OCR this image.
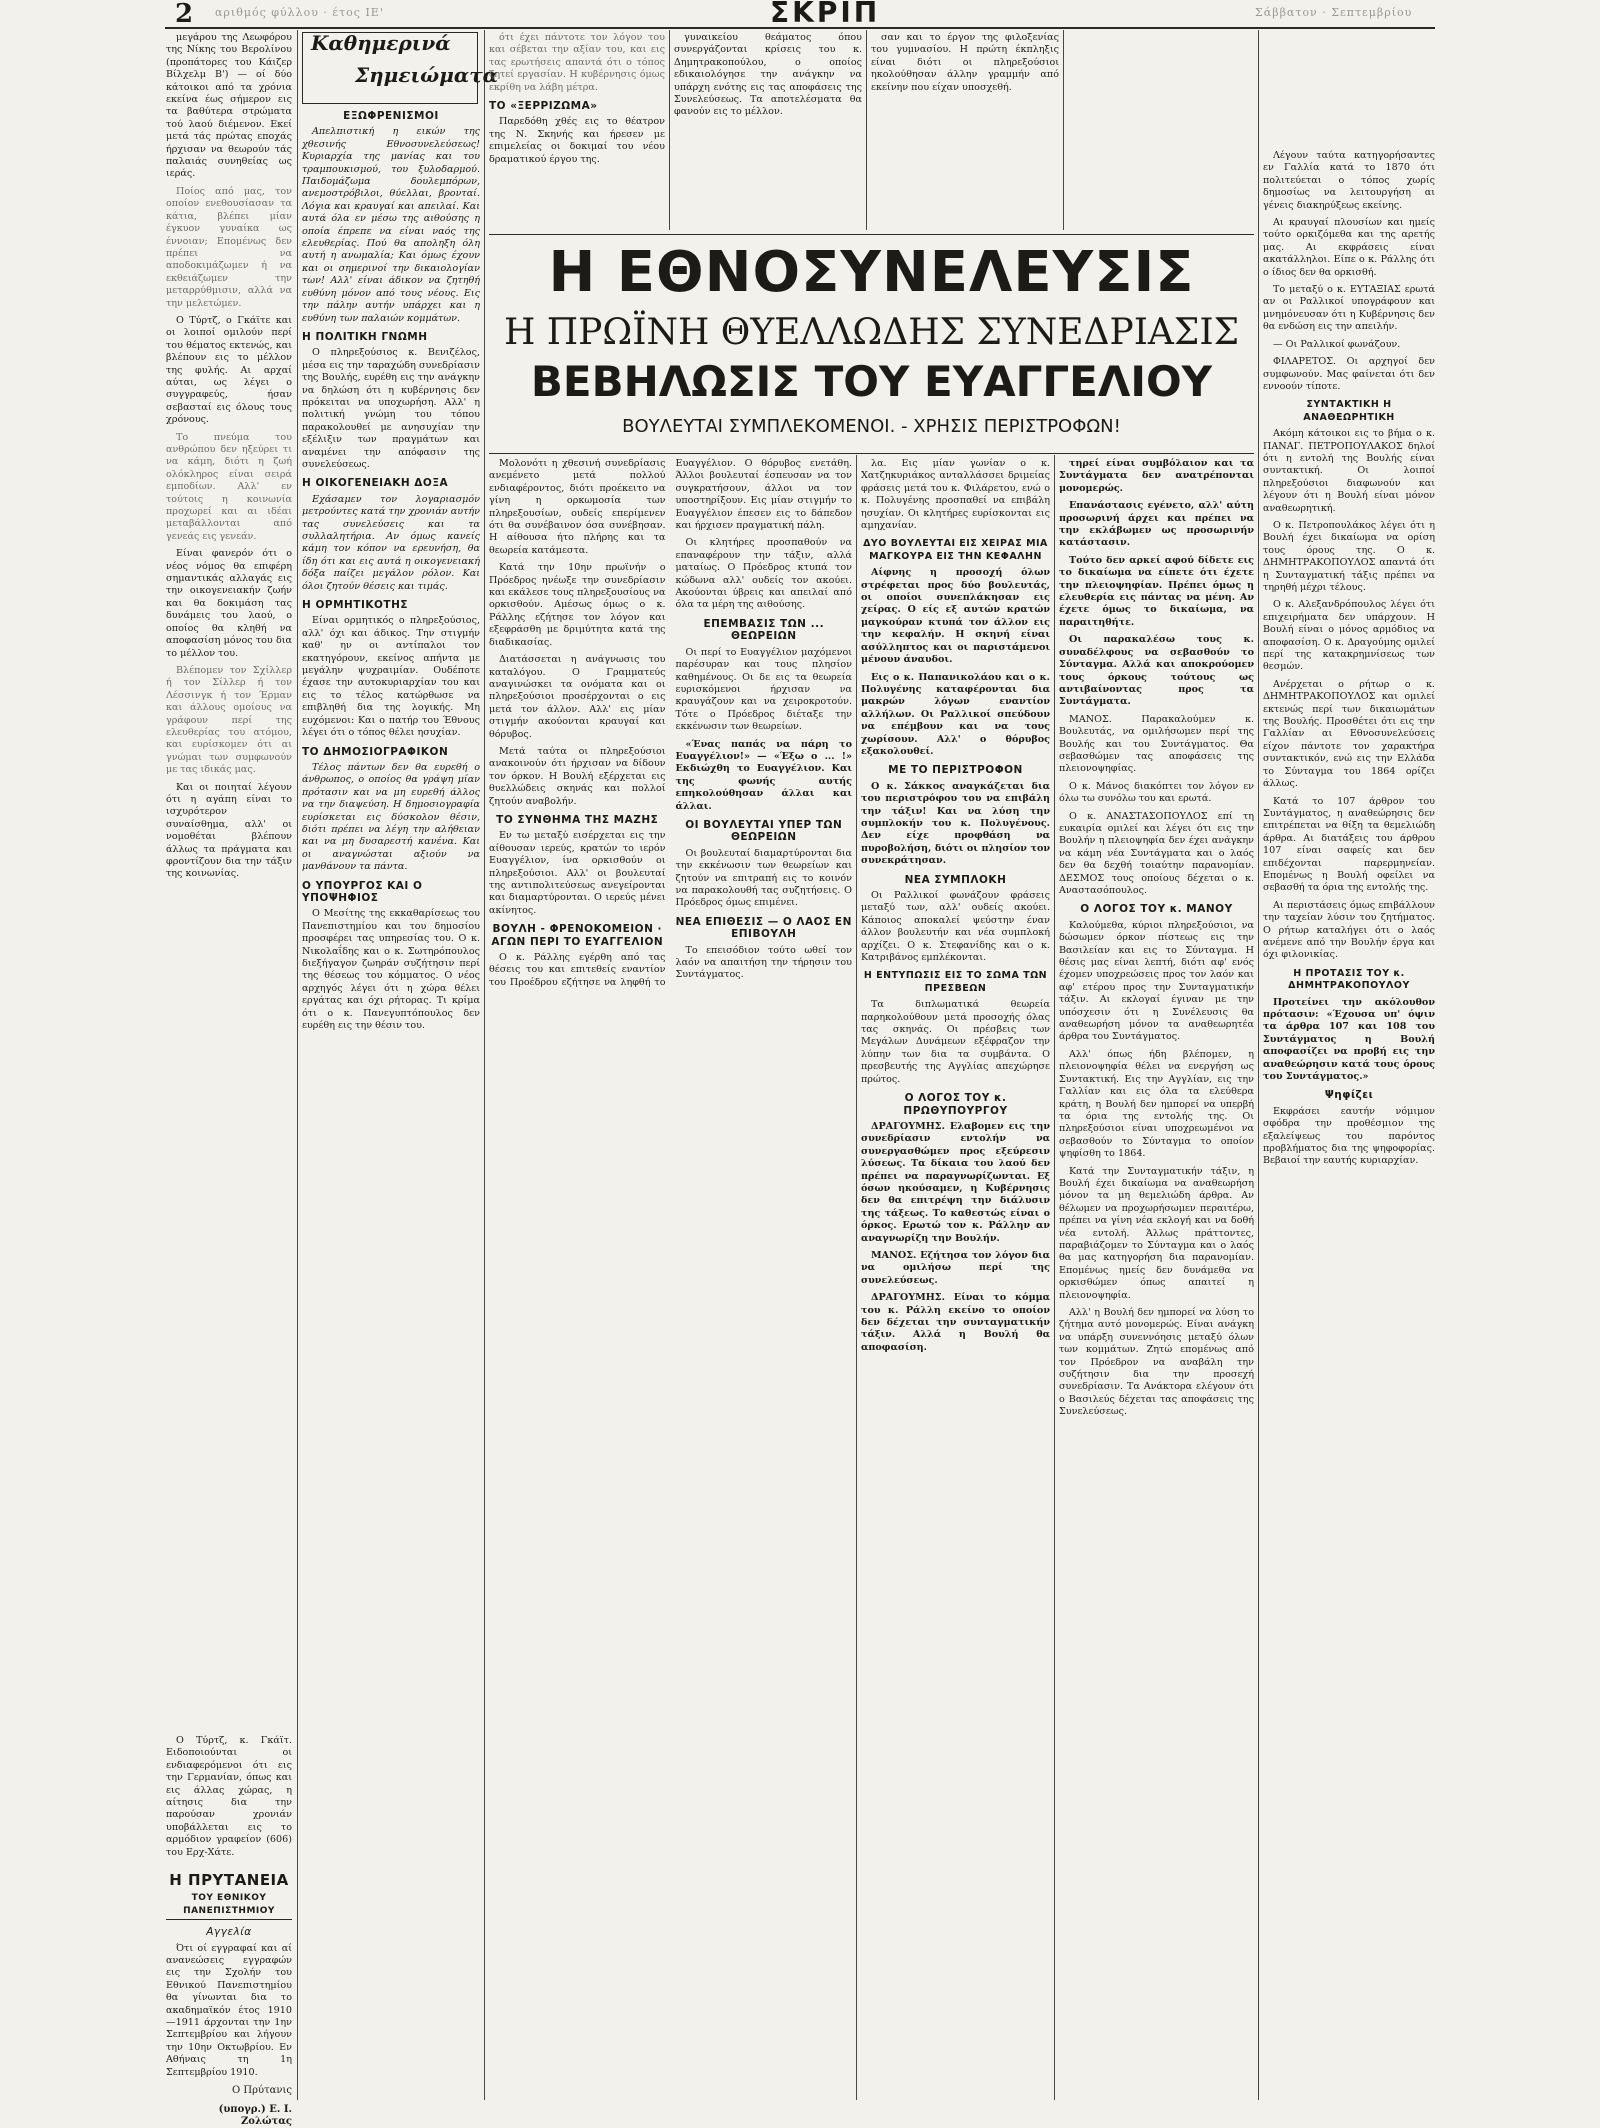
2 αριθμός φύλλου · έτος ΙΕ'	ΣΚΡΙΠ	Σάββατον · Σεπτεμβρίου

μεγάρου της Λεωφόρου της Νίκης του Βερολίνου (προπάτορες του Κάιζερ Βίλχελμ Β') — οί δύο κάτοικοι από τα χρόνια εκείνα έως σήμερον εις τα βαθύτερα στρώματα τού λαού διέμενον. Εκεί μετά τάς πρώτας εποχάς ήρχισαν να θεωρούν τάς παλαιάς συνηθείας ως ιεράς.

Ποίος από μας, τον οποίον ενεθουσίασαν τα κάτια, βλέπει μίαν έγκυον γυναίκα ως έννοιαν; Επομένως δεν πρέπει να αποδοκιμάζωμεν ή να εκθειάζωμεν την μεταρρύθμισιν, αλλά να την μελετώμεν.

Ο Τύρτζ, ο Γκάϊτε και οι λοιποί ομιλούν περί του θέματος εκτενώς, και βλέπουν εις το μέλλον της φυλής. Αι αρχαί αύται, ως λέγει ο συγγραφεύς, ήσαν σεβασταί εις όλους τους χρόνους.

Το πνεύμα του ανθρώπου δεν ηξεύρει τι να κάμη, διότι η ζωή ολόκληρος είναι σειρά εμποδίων. Αλλ' εν τούτοις η κοινωνία προχωρεί και αι ιδέαι μεταβάλλονται από γενεάς εις γενεάν.

Είναι φανερόν ότι ο νέος νόμος θα επιφέρη σημαντικάς αλλαγάς εις την οικογενειακήν ζωήν και θα δοκιμάση τας δυνάμεις του λαού, ο οποίος θα κληθή να αποφασίση μόνος του δια το μέλλον του.

Βλέπομεν τον Σχίλλερ ή τον Σίλλερ ή τον Λέσσινγκ ή τον Έρμαν και άλλους ομοίους να γράφουν περί της ελευθερίας του ατόμου, και ευρίσκομεν ότι αι γνώμαι των συμφωνούν με τας ιδικάς μας.

Και οι ποιηταί λέγουν ότι η αγάπη είναι το ισχυρότερον συναίσθημα, αλλ' οι νομοθέται βλέπουν άλλως τα πράγματα και φροντίζουν δια την τάξιν της κοινωνίας.

Ο Τύρτζ, κ. Γκάϊτ. Ειδοποιούνται οι ενδιαφερόμενοι ότι εις την Γερμανίαν, όπως και εις άλλας χώρας, η αίτησις δια την παρούσαν χρονιάν υποβάλλεται εις το αρμόδιον γραφείον (606) του Ερχ-Χάτε.

Η ΠΡΥΤΑΝΕΙΑ
ΤΟΥ ΕΘΝΙΚΟΥ ΠΑΝΕΠΙΣΤΗΜΙΟΥ
Αγγελία

Ότι οί εγγραφαί και αί ανανεώσεις εγγραφών εις την Σχολήν του Εθνικού Πανεπιστημίου θα γίνωνται δια το ακαδημαϊκόν έτος 1910—1911 άρχονται την 1ην Σεπτεμβρίου και λήγουν την 10ην Οκτωβρίου. Εν Αθήναις τη 1η Σεπτεμβρίου 1910.

Ο Πρύτανις
(υπογρ.) Ε. Ι. Ζολώτας
Καθημερινά
Σημειώματα
ΕΞΩΦΡΕΝΙΣΜΟΙ

Απελπιστική η εικών της χθεσινής Εθνοσυνελεύσεως! Κυριαρχία της μανίας και του τραμπουκισμού, του ξυλοδαρμού. Παιδομάζωμα δουλεμπόρων, ανεμοστρόβιλοι, θύελλαι, βρονταί. Λόγια και κραυγαί και απειλαί. Και αυτά όλα εν μέσω της αιθούσης η οποία έπρεπε να είναι ναός της ελευθερίας. Πού θα αποληξη όλη αυτή η ανωμαλία; Και όμως έχουν και οι σημερινοί την δικαιολογίαν των! Αλλ' είναι άδικον να ζητηθή ευθύνη μόνον από τους νέους. Εις την πάλην αυτήν υπάρχει και η ευθύνη των παλαιών κομμάτων.

Η ΠΟΛΙΤΙΚΗ ΓΝΩΜΗ

Ο πληρεξούσιος κ. Βενιζέλος, μέσα εις την ταραχώδη συνεδρίασιν της Βουλής, ευρέθη εις την ανάγκην να δηλώση ότι η κυβέρνησις δεν πρόκειται να υποχωρήση. Αλλ' η πολιτική γνώμη του τόπου παρακολουθεί με ανησυχίαν την εξέλιξιν των πραγμάτων και αναμένει την απόφασιν της συνελεύσεως.

Η ΟΙΚΟΓΕΝΕΙΑΚΗ ΔΟΞΑ

Εχάσαμεν τον λογαριασμόν μετρούντες κατά την χρονιάν αυτήν τας συνελεύσεις και τα συλλαλητήρια. Αν όμως κανείς κάμη τον κόπον να ερευνήση, θα ίδη ότι και εις αυτά η οικογενειακή δόξα παίζει μεγάλον ρόλον. Και όλοι ζητούν θέσεις και τιμάς.

Η ΟΡΜΗΤΙΚΟΤΗΣ

Είναι ορμητικός ο πληρεξούσιος, αλλ' όχι και άδικος. Την στιγμήν καθ' ην οι αντίπαλοι τον εκατηγόρουν, εκείνος απήντα με μεγάλην ψυχραιμίαν. Ουδέποτε έχασε την αυτοκυριαρχίαν του και εις το τέλος κατώρθωσε να επιβληθή δια της λογικής. Μη ευχόμενοι: Και ο πατήρ του Έθνους λέγει ότι ο τόπος θέλει ησυχίαν.

ΤΟ ΔΗΜΟΣΙΟΓΡΑΦΙΚΟΝ

Τέλος πάντων δεν θα ευρεθή ο άνθρωπος, ο οποίος θα γράψη μίαν πρότασιν και να μη ευρεθή άλλος να την διαψεύση. Η δημοσιογραφία ευρίσκεται εις δύσκολον θέσιν, διότι πρέπει να λέγη την αλήθειαν και να μη δυσαρεστή κανένα. Και οι αναγνώσται αξιούν να μανθάνουν τα πάντα.

Ο ΥΠΟΥΡΓΟΣ ΚΑΙ Ο ΥΠΟΨΗΦΙΟΣ

Ο Μεσίτης της εκκαθαρίσεως του Πανεπιστημίου και του δημοσίου προσφέρει τας υπηρεσίας του. Ο κ. Νικολαΐδης και ο κ. Σωτηρόπουλος διεξήγαγον ζωηράν συζήτησιν περί της θέσεως του κόμματος. Ο νέος αρχηγός λέγει ότι η χώρα θέλει εργάτας και όχι ρήτορας. Τι κρίμα ότι ο κ. Πανεγυπτόπουλος δεν ευρέθη εις την θέσιν του.

ότι έχει πάντοτε τον λόγον του και σέβεται την αξίαν του, και εις τας ερωτήσεις απαντά ότι ο τόπος ζητεί εργασίαν. Η κυβέρνησις όμως εκρίθη να λάβη μέτρα.

ΤΟ «ΞΕΡΡΙΖΩΜΑ»

Παρεδόθη χθές εις το θέατρον της Ν. Σκηνής και ήρεσεν με επιμελείας οι δοκιμαί του νέου δραματικού έργου της.

γυναικείου θεάματος όπου συνεργάζονται κρίσεις του κ. Δημητρακοπούλου, ο οποίος εδικαιολόγησε την ανάγκην να υπάρχη ενότης εις τας αποφάσεις της Συνελεύσεως. Τα αποτελέσματα θα φανούν εις το μέλλον.

σαν και το έργον της φιλοξενίας του γυμνασίου. Η πρώτη έκπληξις είναι διότι οι πληρεξούσιοι ηκολούθησαν άλλην γραμμήν από εκείνην που είχαν υποσχεθή.

Η ΕΘΝΟΣΥΝΕΛΕΥΣΙΣ
Η ΠΡΩΪΝΗ ΘΥΕΛΛΩΔΗΣ ΣΥΝΕΔΡΙΑΣΙΣ
ΒΕΒΗΛΩΣΙΣ ΤΟΥ ΕΥΑΓΓΕΛΙΟΥ
ΒΟΥΛΕΥΤΑΙ ΣΥΜΠΛΕΚΟΜΕΝΟΙ. - ΧΡΗΣΙΣ ΠΕΡΙΣΤΡΟΦΩΝ!

Μολονότι η χθεσινή συνεδρίασις ανεμένετο μετά πολλού ενδιαφέροντος, διότι προέκειτο να γίνη η ορκωμοσία των πληρεξουσίων, ουδείς επερίμενεν ότι θα συνέβαινον όσα συνέβησαν. Η αίθουσα ήτο πλήρης και τα θεωρεία κατάμεστα.

Κατά την 10ην πρωϊνήν ο Πρόεδρος ηνέωξε την συνεδρίασιν και εκάλεσε τους πληρεξουσίους να ορκισθούν. Αμέσως όμως ο κ. Ράλλης εζήτησε τον λόγον και εξεφράσθη με δριμύτητα κατά της διαδικασίας.

Διατάσσεται η ανάγνωσις του καταλόγου. Ο Γραμματεύς αναγινώσκει τα ονόματα και οι πληρεξούσιοι προσέρχονται ο εις μετά τον άλλον. Αλλ' εις μίαν στιγμήν ακούονται κραυγαί και θόρυβος.

Μετά ταύτα οι πληρεξούσιοι ανακοινούν ότι ήρχισαν να δίδουν τον όρκον. Η Βουλή εξέρχεται εις θυελλώδεις σκηνάς και πολλοί ζητούν αναβολήν.

ΤΟ ΣΥΝΘΗΜΑ ΤΗΣ ΜΑΖΗΣ

Εν τω μεταξύ εισέρχεται εις την αίθουσαν ιερεύς, κρατών το ιερόν Ευαγγέλιον, ίνα ορκισθούν οι πληρεξούσιοι. Αλλ' οι βουλευταί της αντιπολιτεύσεως ανεγείρονται και διαμαρτύρονται. Ο ιερεύς μένει ακίνητος.

ΒΟΥΛΗ - ΦΡΕΝΟΚΟΜΕΙΟΝ · ΑΓΩΝ ΠΕΡΙ ΤΟ ΕΥΑΓΓΕΛΙΟΝ

Ο κ. Ράλλης εγέρθη από τας θέσεις του και επιτεθείς εναντίον του Προέδρου εζήτησε να ληφθή το Ευαγγέλιον. Ο θόρυβος ενετάθη. Άλλοι βουλευταί έσπευσαν να τον συγκρατήσουν, άλλοι να τον υποστηρίξουν. Εις μίαν στιγμήν το Ευαγγέλιον έπεσεν εις το δάπεδον και ήρχισεν πραγματική πάλη.

Οι κλητήρες προσπαθούν να επαναφέρουν την τάξιν, αλλά ματαίως. Ο Πρόεδρος κτυπά τον κώδωνα αλλ' ουδείς τον ακούει. Ακούονται ύβρεις και απειλαί από όλα τα μέρη της αιθούσης.

ΕΠΕΜΒΑΣΙΣ ΤΩΝ ... ΘΕΩΡΕΙΩΝ

Οι περί το Ευαγγέλιον μαχόμενοι παρέσυραν και τους πλησίον καθημένους. Οι δε εις τα θεωρεία ευρισκόμενοι ήρχισαν να κραυγάζουν και να χειροκροτούν. Τότε ο Πρόεδρος διέταξε την εκκένωσιν των θεωρείων.

«Ένας παπάς να πάρη το Ευαγγέλιον!» — «Έξω ο ... !» Εκδιώχθη το Ευαγγέλιον. Και της φωνής αυτής επηκολούθησαν άλλαι και άλλαι.

ΟΙ ΒΟΥΛΕΥΤΑΙ ΥΠΕΡ ΤΩΝ ΘΕΩΡΕΙΩΝ

Οι βουλευταί διαμαρτύρονται δια την εκκένωσιν των θεωρείων και ζητούν να επιτραπή εις το κοινόν να παρακολουθή τας συζητήσεις. Ο Πρόεδρος όμως επιμένει.

ΝΕΑ ΕΠΙΘΕΣΙΣ — Ο ΛΑΟΣ ΕΝ ΕΠΙΒΟΥΛΗ

Το επεισόδιον τούτο ωθεί τον λαόν να απαιτήση την τήρησιν του Συντάγματος.

λα. Εις μίαν γωνίαν ο κ. Χατζηκυριάκος ανταλλάσσει δριμείας φράσεις μετά του κ. Φιλάρετου, ενώ ο κ. Πολυγένης προσπαθεί να επιβάλη ησυχίαν. Οι κλητήρες ευρίσκονται εις αμηχανίαν.

ΔΥΟ ΒΟΥΛΕΥΤΑΙ ΕΙΣ ΧΕΙΡΑΣ ΜΙΑ ΜΑΓΚΟΥΡΑ ΕΙΣ ΤΗΝ ΚΕΦΑΛΗΝ

Αίφνης η προσοχή όλων στρέφεται προς δύο βουλευτάς, οι οποίοι συνεπλάκησαν εις χείρας. Ο είς εξ αυτών κρατών μαγκούραν κτυπά τον άλλον εις την κεφαλήν. Η σκηνή είναι ασύλληπτος και οι παριστάμενοι μένουν άναυδοι.

Εις ο κ. Παπανικολάου και ο κ. Πολυγένης καταφέρονται δια μακρών λόγων εναντίον αλλήλων. Οι Ραλλικοί σπεύδουν να επέμβουν και να τους χωρίσουν. Αλλ' ο θόρυβος εξακολουθεί.

ΜΕ ΤΟ ΠΕΡΙΣΤΡΟΦΟΝ

Ο κ. Σάκκος αναγκάζεται δια του περιστρόφου του να επιβάλη την τάξιν! Και να λύση την συμπλοκήν του κ. Πολυγένους. Δεν είχε προφθάση να πυροβολήση, διότι οι πλησίον τον συνεκράτησαν.

ΝΕΑ ΣΥΜΠΛΟΚΗ

Οι Ραλλικοί φωνάζουν φράσεις μεταξύ των, αλλ' ουδείς ακούει. Κάποιος αποκαλεί ψεύστην έναν άλλον βουλευτήν και νέα συμπλοκή αρχίζει. Ο κ. Στεφανίδης και ο κ. Κατριβάνος εμπλέκονται.

Η ΕΝΤΥΠΩΣΙΣ ΕΙΣ ΤΟ ΣΩΜΑ ΤΩΝ ΠΡΕΣΒΕΩΝ

Τα διπλωματικά θεωρεία παρηκολούθουν μετά προσοχής όλας τας σκηνάς. Οι πρέσβεις των Μεγάλων Δυνάμεων εξέφραζον την λύπην των δια τα συμβάντα. Ο πρεσβευτής της Αγγλίας απεχώρησε πρώτος.

Ο ΛΟΓΟΣ ΤΟΥ κ. ΠΡΩΘΥΠΟΥΡΓΟΥ

ΔΡΑΓΟΥΜΗΣ. Ελαβομεν εις την συνεδρίασιν εντολήν να συνεργασθώμεν προς εξεύρεσιν λύσεως. Τα δίκαια του λαού δεν πρέπει να παραγνωρίζωνται. Εξ όσων ηκούσαμεν, η Κυβέρνησις δεν θα επιτρέψη την διάλυσιν της τάξεως. Το καθεστώς είναι ο όρκος. Ερωτώ τον κ. Ράλλην αν αναγνωρίζη την Βουλήν.

ΜΑΝΟΣ. Εζήτησα τον λόγον δια να ομιλήσω περί της συνελεύσεως.

ΔΡΑΓΟΥΜΗΣ. Είναι το κόμμα του κ. Ράλλη εκείνο το οποίον δεν δέχεται την συνταγματικήν τάξιν. Αλλά η Βουλή θα αποφασίση.

τηρεί είναι συμβόλαιον και τα Συντάγματα δεν ανατρέπονται μονομερώς.

Επανάστασις εγένετο, αλλ' αύτη προσωρινή άρχει και πρέπει να την εκλάβωμεν ως προσωρινήν κατάστασιν.

Τούτο δεν αρκεί αφού δίδετε εις το δικαίωμα να είπετε ότι έχετε την πλειοψηφίαν. Πρέπει όμως η ελευθερία εις πάντας να μένη. Αν έχετε όμως το δικαίωμα, να παραιτηθήτε.

Οι παρακαλέσω τους κ. συναδέλφους να σεβασθούν το Σύνταγμα. Αλλά και αποκρούομεν τους όρκους τούτους ως αντιβαίνοντας προς τα Συντάγματα.

ΜΑΝΟΣ. Παρακαλούμεν κ. Βουλευτάς, να ομιλήσωμεν περί της Βουλής και του Συντάγματος. Θα σεβασθώμεν τας αποφάσεις της πλειονοψηφίας.

Ο κ. Μάνος διακόπτει τον λόγον εν όλω τω συνόλω του και ερωτά.

Ο κ. ΑΝΑΣΤΑΣΟΠΟΥΛΟΣ επί τη ευκαιρία ομιλεί και λέγει ότι εις την Βουλήν η πλειοψηφία δεν έχει ανάγκην να κάμη νέα Συντάγματα και ο λαός δεν θα δεχθή τοιαύτην παρανομίαν. ΔΕΣΜΟΣ τους οποίους δέχεται ο κ. Αναστασόπουλος.

Ο ΛΟΓΟΣ ΤΟΥ κ. ΜΑΝΟΥ

Καλούμεθα, κύριοι πληρεξούσιοι, να δώσωμεν όρκον πίστεως εις την Βασιλείαν και εις το Σύνταγμα. Η θέσις μας είναι λεπτή, διότι αφ' ενός έχομεν υποχρεώσεις προς τον λαόν και αφ' ετέρου προς την Συνταγματικήν τάξιν. Αι εκλογαί έγιναν με την υπόσχεσιν ότι η Συνέλευσις θα αναθεωρήση μόνον τα αναθεωρητέα άρθρα του Συντάγματος.

Αλλ' όπως ήδη βλέπομεν, η πλειονοψηφία θέλει να ενεργήση ως Συντακτική. Εις την Αγγλίαν, εις την Γαλλίαν και εις όλα τα ελεύθερα κράτη, η Βουλή δεν ημπορεί να υπερβή τα όρια της εντολής της. Οι πληρεξούσιοι είναι υποχρεωμένοι να σεβασθούν το Σύνταγμα το οποίον ψηφίσθη το 1864.

Κατά την Συνταγματικήν τάξιν, η Βουλή έχει δικαίωμα να αναθεωρήση μόνον τα μη θεμελιώδη άρθρα. Αν θέλωμεν να προχωρήσωμεν περαιτέρω, πρέπει να γίνη νέα εκλογή και να δοθή νέα εντολή. Άλλως πράττοντες, παραβιάζομεν το Σύνταγμα και ο λαός θα μας κατηγορήση δια παρανομίαν. Επομένως ημείς δεν δυνάμεθα να ορκισθώμεν όπως απαιτεί η πλειονοψηφία.

Αλλ' η Βουλή δεν ημπορεί να λύση το ζήτημα αυτό μονομερώς. Είναι ανάγκη να υπάρξη συνεννόησις μεταξύ όλων των κομμάτων. Ζητώ επομένως από τον Πρόεδρον να αναβάλη την συζήτησιν δια την προσεχή συνεδρίασιν. Τα Ανάκτορα ελέγουν ότι ο Βασιλεύς δέχεται τας αποφάσεις της Συνελεύσεως.

Λέγουν ταύτα κατηγορήσαντες εν Γαλλία κατά το 1870 ότι πολιτεύεται ο τόπος χωρίς δημοσίως να λειτουργήση αι γένεις διακηρύξεως εκείνης.

Αι κραυγαί πλουσίων και ημείς τούτο ορκιζόμεθα και της αρετής μας. Αι εκφράσεις είναι ακατάλληλοι. Είπε ο κ. Ράλλης ότι ο ίδιος δεν θα ορκισθή.

Το μεταξύ ο κ. ΕΥΤΑΞΙΑΣ ερωτά αν οι Ραλλικοί υπογράφουν και μνημόνευσαν ότι η Κυβέρνησις δεν θα ενδώση εις την απειλήν.

— Οι Ραλλικοί φωνάζουν.

ΦΙΛΑΡΕΤΟΣ. Οι αρχηγοί δεν συμφωνούν. Μας φαίνεται ότι δεν εννοούν τίποτε.

ΣΥΝΤΑΚΤΙΚΗ Η ΑΝΑΘΕΩΡΗΤΙΚΗ

Ακόμη κάτοικοι εις το βήμα ο κ. ΠΑΝΑΓ. ΠΕΤΡΟΠΟΥΛΑΚΟΣ δηλοί ότι η εντολή της Βουλής είναι συντακτική. Οι λοιποί πληρεξούσιοι διαφωνούν και λέγουν ότι η Βουλή είναι μόνον αναθεωρητική.

Ο κ. Πετροπουλάκος λέγει ότι η Βουλή έχει δικαίωμα να ορίση τους όρους της. Ο κ. ΔΗΜΗΤΡΑΚΟΠΟΥΛΟΣ απαντά ότι η Συνταγματική τάξις πρέπει να τηρηθή μέχρι τέλους.

Ο κ. Αλεξανδρόπουλος λέγει ότι επιχειρήματα δεν υπάρχουν. Η Βουλή είναι ο μόνος αρμόδιος να αποφασίση. Ο κ. Δραγούμης ομιλεί περί της κατακρημνίσεως των θεσμών.

Ανέρχεται ο ρήτωρ ο κ. ΔΗΜΗΤΡΑΚΟΠΟΥΛΟΣ και ομιλεί εκτενώς περί των δικαιωμάτων της Βουλής. Προσθέτει ότι εις την Γαλλίαν αι Εθνοσυνελεύσεις είχον πάντοτε τον χαρακτήρα συντακτικόν, ενώ εις την Ελλάδα το Σύνταγμα του 1864 ορίζει άλλως.

Κατά το 107 άρθρον του Συντάγματος, η αναθεώρησις δεν επιτρέπεται να θίξη τα θεμελιώδη άρθρα. Αι διατάξεις του άρθρου 107 είναι σαφείς και δεν επιδέχονται παρερμηνείαν. Επομένως η Βουλή οφείλει να σεβασθή τα όρια της εντολής της.

Αι περιστάσεις όμως επιβάλλουν την ταχείαν λύσιν του ζητήματος. Ο ρήτωρ καταλήγει ότι ο λαός ανέμενε από την Βουλήν έργα και όχι φιλονικίας.

Η ΠΡΟΤΑΣΙΣ ΤΟΥ κ. ΔΗΜΗΤΡΑΚΟΠΟΥΛΟΥ

Προτείνει την ακόλουθον πρότασιν: «Έχουσα υπ' όψιν τα άρθρα 107 και 108 του Συντάγματος η Βουλή αποφασίζει να προβή εις την αναθεώρησιν κατά τους όρους του Συντάγματος.»

Ψηφίζει

Εκφράσει εαυτήν νόμιμον σφόδρα την προθέσμιον της εξαλείψεως του παρόντος προβλήματος δια της ψηφοφορίας. Βεβαιοί την εαυτής κυριαρχίαν.
